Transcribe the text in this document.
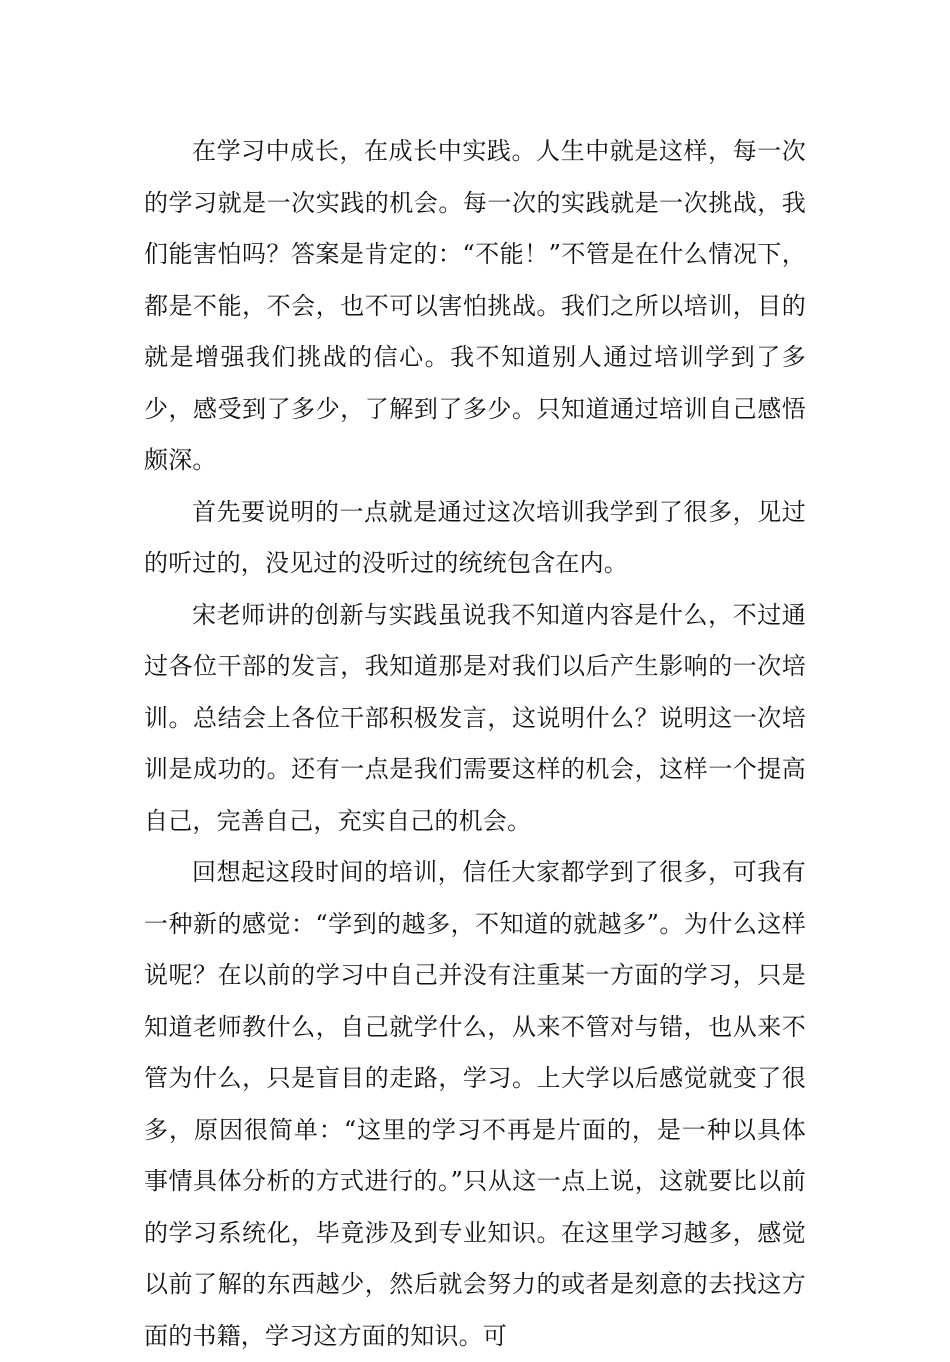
在学习中成长，在成长中实践。人生中就是这样，每一次的学习就是一次实践的机会。每一次的实践就是一次挑战，我们能害怕吗？答案是肯定的：“不能！”不管是在什么情况下，都是不能，不会，也不可以害怕挑战。我们之所以培训，目的就是增强我们挑战的信心。我不知道别人通过培训学到了多少，感受到了多少，了解到了多少。只知道通过培训自己感悟颇深。

首先要说明的一点就是通过这次培训我学到了很多，见过的听过的，没见过的没听过的统统包含在内。

宋老师讲的创新与实践虽说我不知道内容是什么，不过通过各位干部的发言，我知道那是对我们以后产生影响的一次培训。总结会上各位干部积极发言，这说明什么？说明这一次培训是成功的。还有一点是我们需要这样的机会，这样一个提高自己，完善自己，充实自己的机会。

回想起这段时间的培训，信任大家都学到了很多，可我有一种新的感觉：“学到的越多，不知道的就越多”。为什么这样说呢？在以前的学习中自己并没有注重某一方面的学习，只是知道老师教什么，自己就学什么，从来不管对与错，也从来不管为什么，只是盲目的走路，学习。上大学以后感觉就变了很多，原因很简单：“这里的学习不再是片面的，是一种以具体事情具体分析的方式进行的。”只从这一点上说，这就要比以前的学习系统化，毕竟涉及到专业知识。在这里学习越多，感觉以前了解的东西越少，然后就会努力的或者是刻意的去找这方面的书籍，学习这方面的知识。可
